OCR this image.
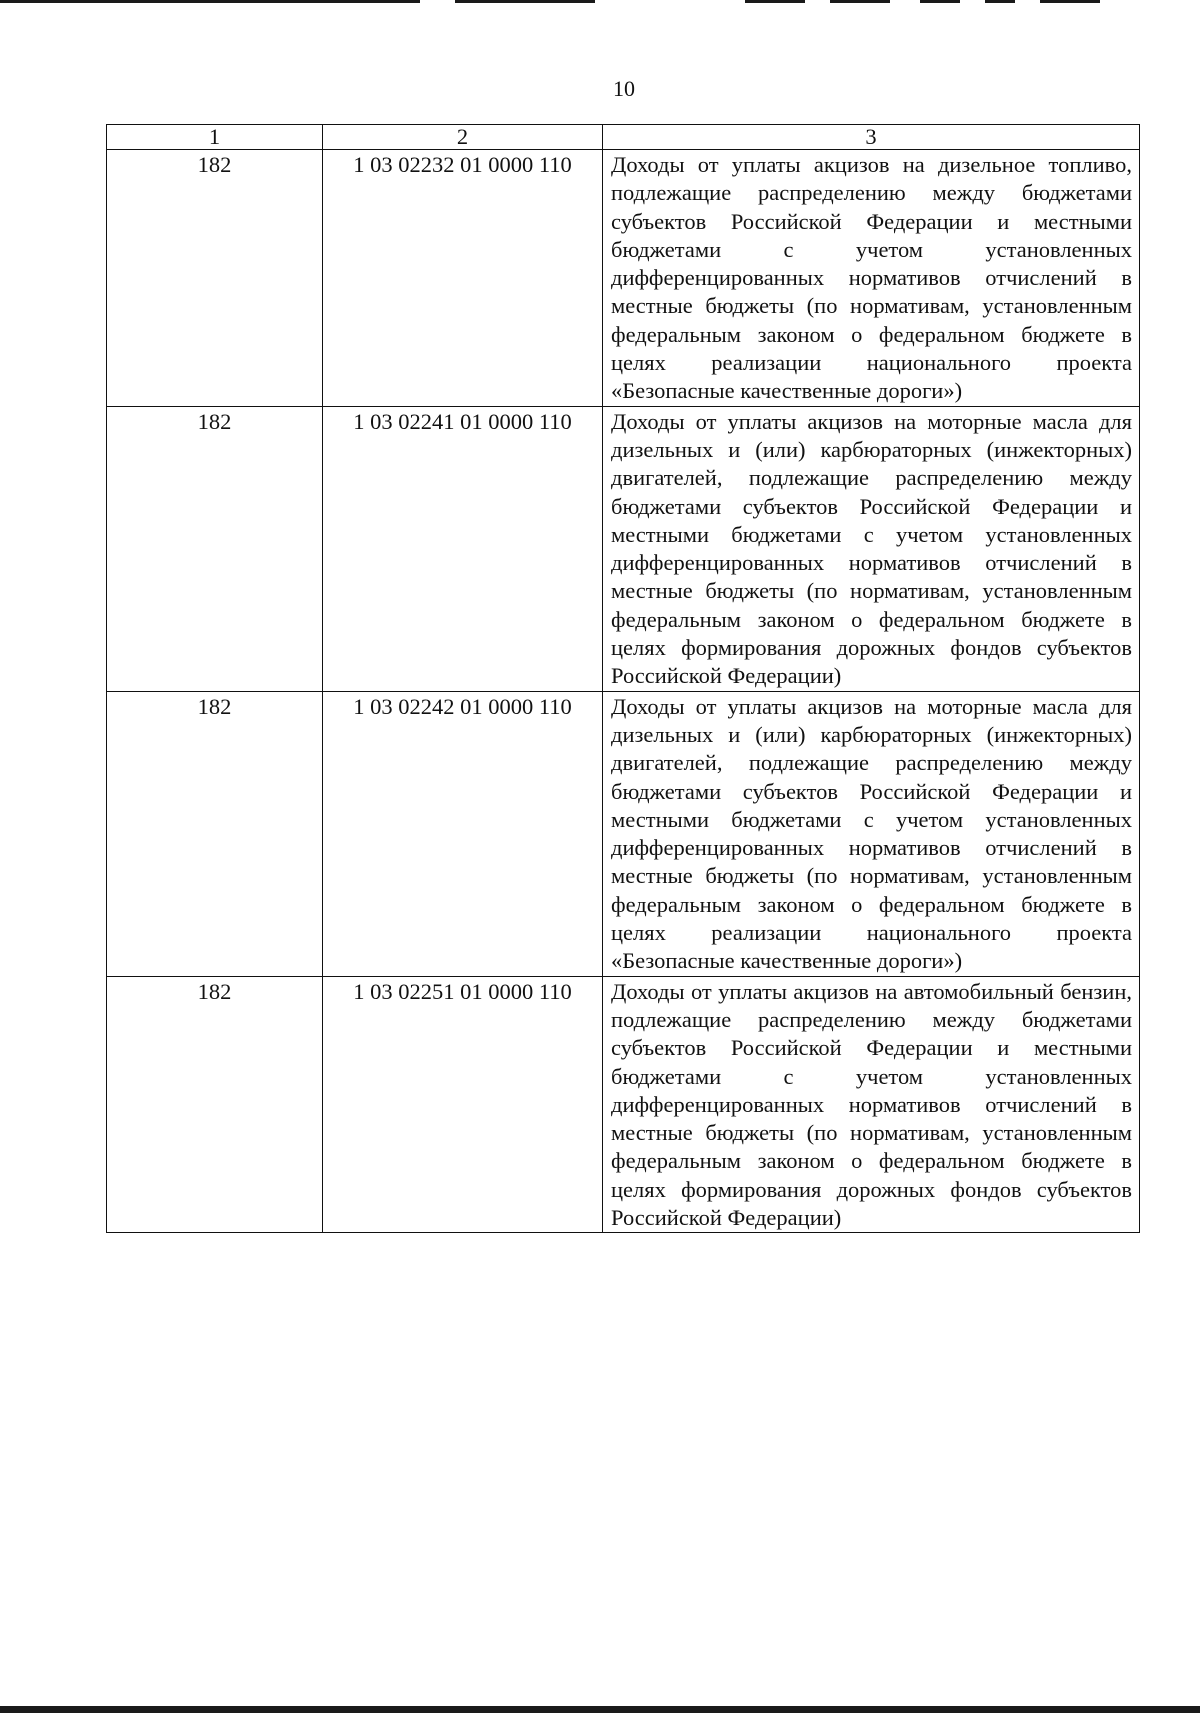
10
1	2	3
182	1 03 02232 01 0000 110	Доходы от уплаты акцизов на дизельное топливо, подлежащие распределению между бюджетами субъектов Российской Федерации и местными бюджетами с учетом установленных дифференцированных нормативов отчислений в местные бюджеты (по нормативам, установленным федеральным законом о федеральном бюджете в целях реализации национального проекта «Безопасные качественные дороги»)

182	1 03 02241 01 0000 110	Доходы от уплаты акцизов на моторные масла для дизельных и (или) карбюраторных (инжекторных) двигателей, подлежащие распределению между бюджетами субъектов Российской Федерации и местными бюджетами с учетом установленных дифференцированных нормативов отчислений в местные бюджеты (по нормативам, установленным федеральным законом о федеральном бюджете в целях формирования дорожных фондов субъектов Российской Федерации)

182	1 03 02242 01 0000 110	Доходы от уплаты акцизов на моторные масла для дизельных и (или) карбюраторных (инжекторных) двигателей, подлежащие распределению между бюджетами субъектов Российской Федерации и местными бюджетами с учетом установленных дифференцированных нормативов отчислений в местные бюджеты (по нормативам, установленным федеральным законом о федеральном бюджете в целях реализации национального проекта «Безопасные качественные дороги»)

182	1 03 02251 01 0000 110	Доходы от уплаты акцизов на автомобильный бензин, подлежащие распределению между бюджетами субъектов Российской Федерации и местными бюджетами с учетом установленных дифференцированных нормативов отчислений в местные бюджеты (по нормативам, установленным федеральным законом о федеральном бюджете в целях формирования дорожных фондов субъектов Российской Федерации)
